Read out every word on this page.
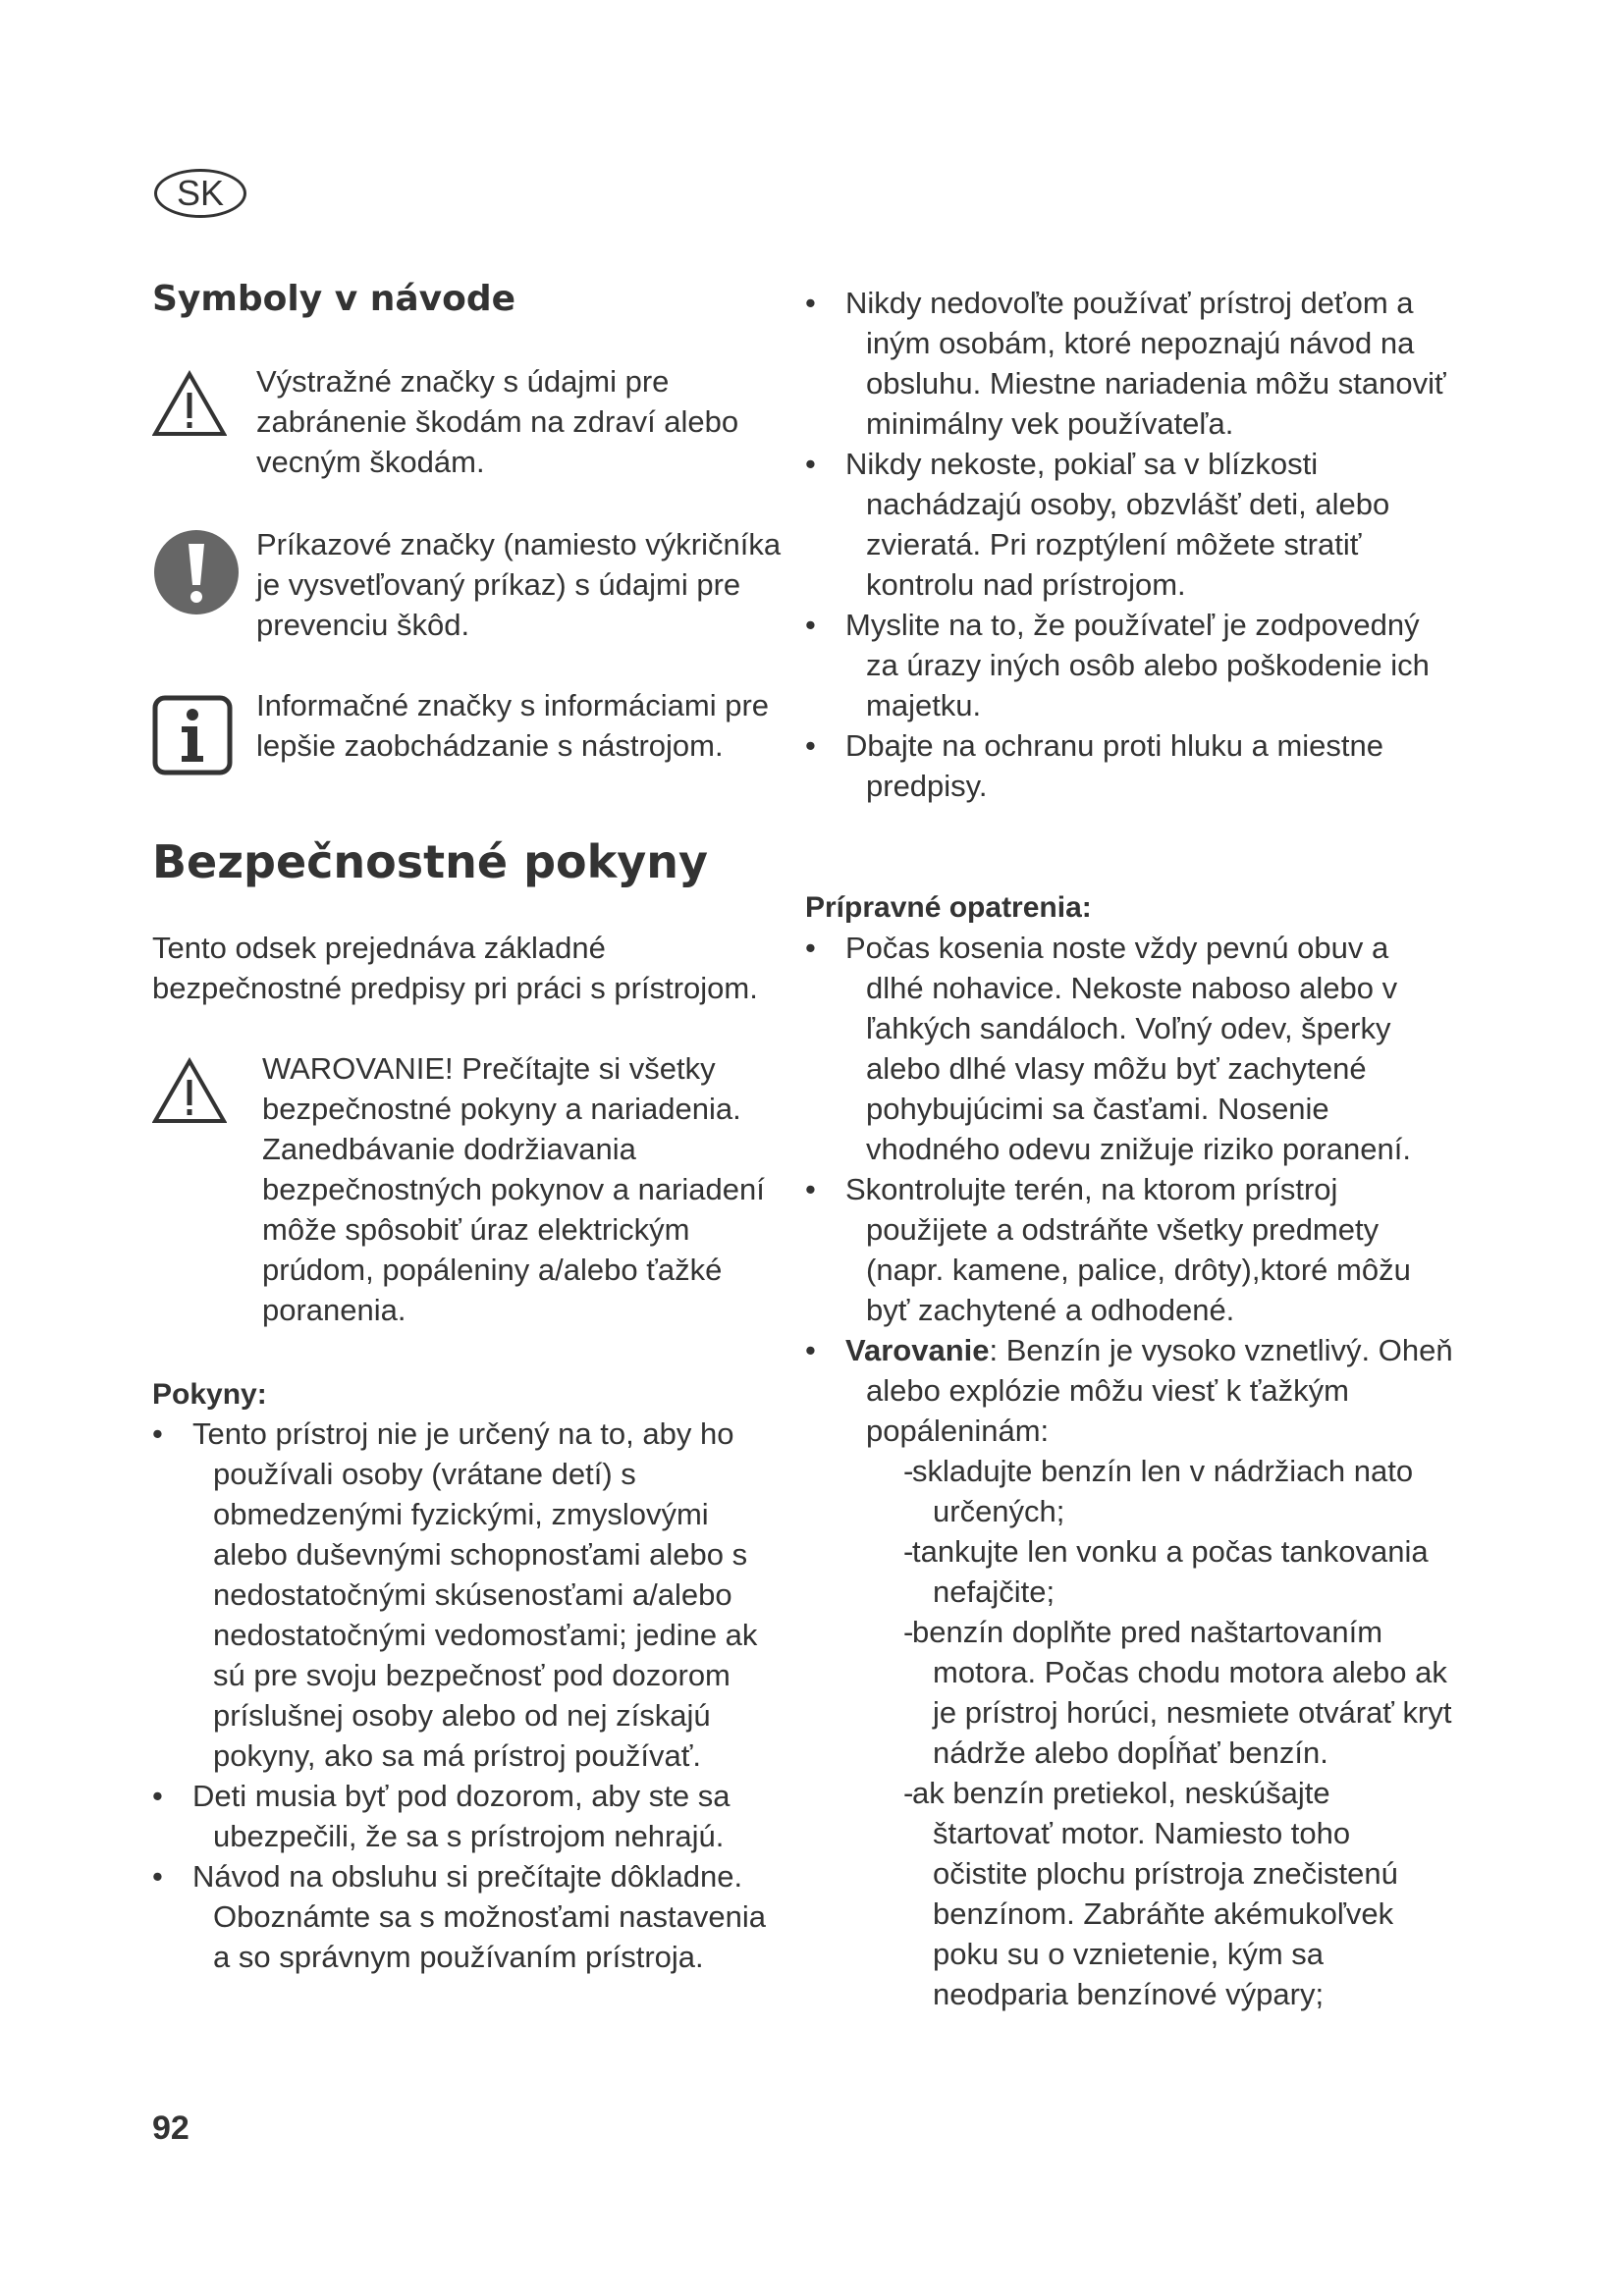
SK
Symboly v návode
Výstražné značky s údajmi pre zabránenie škodám na zdraví alebo vecným škodám.
Príkazové značky (namiesto výkričníka je vysvetľovaný príkaz) s údajmi pre prevenciu škôd.
Informačné značky s informáciami pre lepšie zaobchádzanie s nástrojom.
Bezpečnostné pokyny

Tento odsek prejednáva základné bezpečnostné predpisy pri práci s prístrojom.

WAROVANIE! Prečítajte si všetky bezpečnostné pokyny a nariadenia. Zanedbávanie dodržiavania bezpečnostných pokynov a nariadení môže spôsobiť úraz elektrickým prúdom, popáleniny a/alebo ťažké poranenia.
Pokyny:
• Tento prístroj nie je určený na to, aby ho používali osoby (vrátane detí) s obmedzenými fyzickými, zmyslovými alebo duševnými schopnosťami alebo s nedostatočnými skúsenosťami a/alebo nedostatočnými vedomosťami; jedine ak sú pre svoju bezpečnosť pod dozorom príslušnej osoby alebo od nej získajú pokyny, ako sa má prístroj používať.
• Deti musia byť pod dozorom, aby ste sa ubezpečili, že sa s prístrojom nehrajú.
• Návod na obsluhu si prečítajte dôkladne. Oboznámte sa s možnosťami nastavenia a so správnym používaním prístroja.
92
• Nikdy nedovoľte používať prístroj deťom a iným osobám, ktoré nepoznajú návod na obsluhu. Miestne nariadenia môžu stanoviť minimálny vek používateľa.
• Nikdy nekoste, pokiaľ sa v blízkosti nachádzajú osoby, obzvlášť deti, alebo zvieratá. Pri rozptýlení môžete stratiť kontrolu nad prístrojom.
• Myslite na to, že používateľ je zodpovedný za úrazy iných osôb alebo poškodenie ich majetku.
• Dbajte na ochranu proti hluku a miestne predpisy.
Prípravné opatrenia:
• Počas kosenia noste vždy pevnú obuv a dlhé nohavice. Nekoste naboso alebo v ľahkých sandáloch. Voľný odev, šperky alebo dlhé vlasy môžu byť zachytené pohybujúcimi sa časťami. Nosenie vhodného odevu znižuje riziko poranení.
• Skontrolujte terén, na ktorom prístroj použijete a odstráňte všetky predmety (napr. kamene, palice, drôty),ktoré môžu byť zachytené a odhodené.
• Varovanie: Benzín je vysoko vznetlivý. Oheň alebo explózie môžu viesť k ťažkým popáleninám:
- skladujte benzín len v nádržiach nato určených;
- tankujte len vonku a počas tankovania nefajčite;
- benzín doplňte pred naštartovaním motora. Počas chodu motora alebo ak je prístroj horúci, nesmiete otvárať kryt nádrže alebo dopĺňať benzín.
- ak benzín pretiekol, neskúšajte štartovať motor. Namiesto toho očistite plochu prístroja znečistenú benzínom. Zabráňte akémukoľvek poku su o vznietenie, kým sa neodparia benzínové výpary;
